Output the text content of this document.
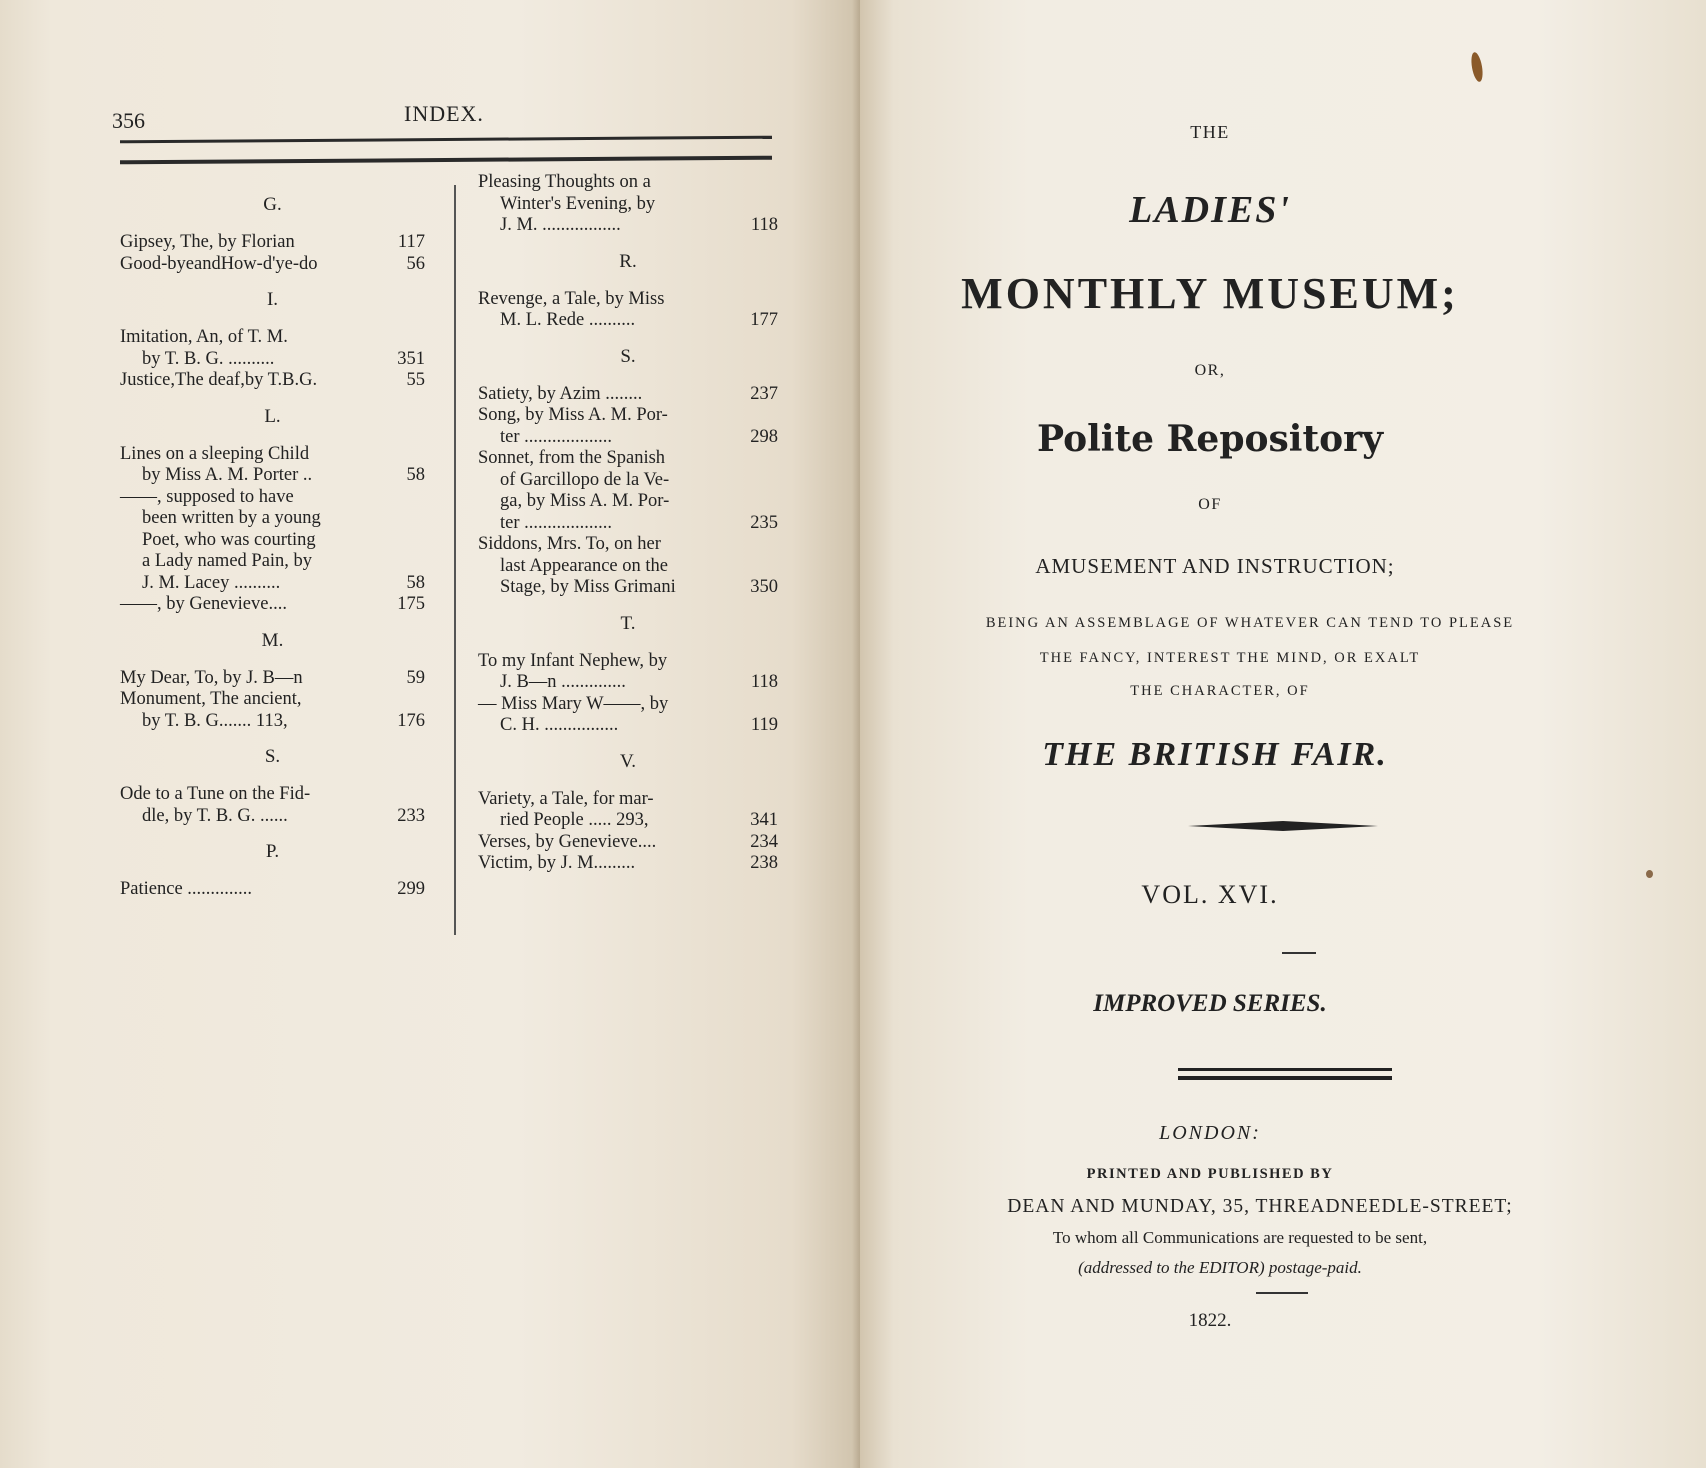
356	INDEX.
G.
Gipsey, The, by Florian	117
Good-byeandHow-d'ye-do	56
I.
Imitation, An, of T. M.
by T. B. G. ..........	351
Justice,The deaf,by T.B.G.	55
L.
Lines on a sleeping Child
by Miss A. M. Porter ..	58
——, supposed to have
been written by a young
Poet, who was courting
a Lady named Pain, by
J. M. Lacey ..........	58
——, by Genevieve....	175
M.
My Dear, To, by J. B—n	59
Monument, The ancient,
by T. B. G....... 113,	176
S.
Ode to a Tune on the Fid-
dle, by T. B. G. ......	233
P.
Patience ..............	299
Pleasing Thoughts on a
Winter's Evening, by
J. M. .................	118
R.
Revenge, a Tale, by Miss
M. L. Rede ..........	177
S.
Satiety, by Azim ........	237
Song, by Miss A. M. Por-
ter ...................	298
Sonnet, from the Spanish
of Garcillopo de la Ve-
ga, by Miss A. M. Por-
ter ...................	235
Siddons, Mrs. To, on her
last Appearance on the
Stage, by Miss Grimani	350
T.
To my Infant Nephew, by
J. B—n ..............	118
— Miss Mary W——, by
C. H. ................	119
V.
Variety, a Tale, for mar-
ried People ..... 293,	341
Verses, by Genevieve....	234
Victim, by J. M.........	238
THE
LADIES'
MONTHLY MUSEUM;
OR,
Polite Repository
OF
AMUSEMENT AND INSTRUCTION;
BEING AN ASSEMBLAGE OF WHATEVER CAN TEND TO PLEASE
THE FANCY, INTEREST THE MIND, OR EXALT
THE CHARACTER, OF
THE BRITISH FAIR.
VOL. XVI.
IMPROVED SERIES.
LONDON:
PRINTED AND PUBLISHED BY
DEAN AND MUNDAY, 35, THREADNEEDLE-STREET;
To whom all Communications are requested to be sent,
(addressed to the EDITOR) postage-paid.
1822.
